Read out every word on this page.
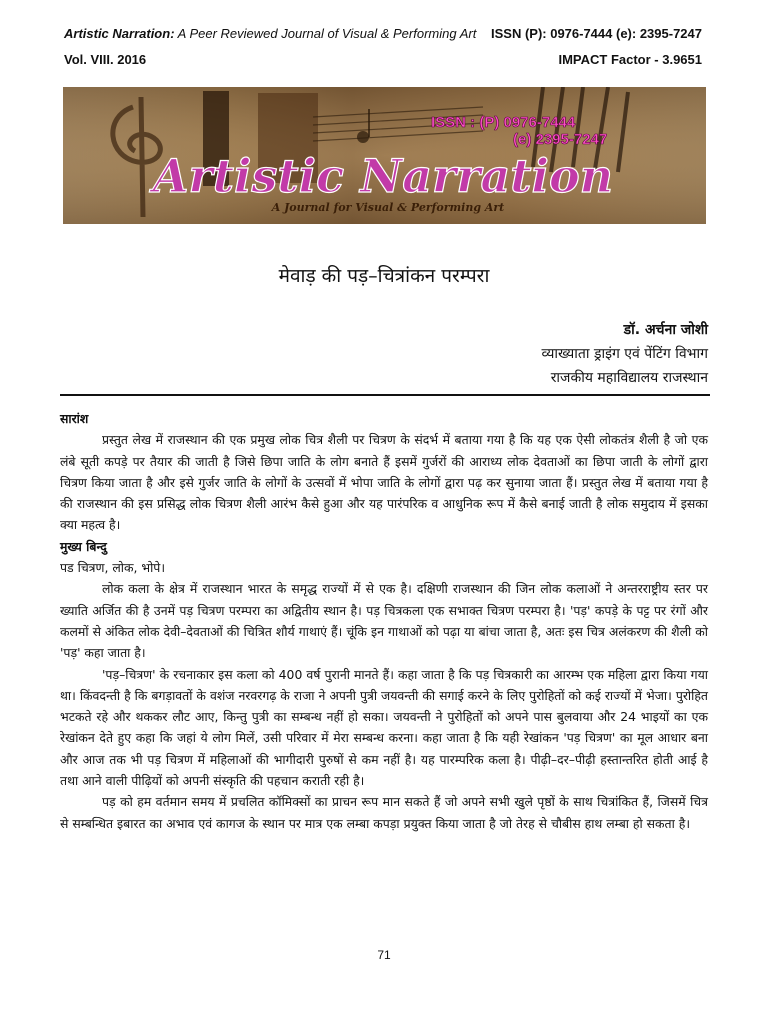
Artistic Narration: A Peer Reviewed Journal of Visual & Performing Art ISSN (P): 0976-7444 (e): 2395-7247
Vol. VIII. 2016	IMPACT Factor - 3.9651
ISSN : (P) 0976-7444
(e) 2395-7247
Artistic Narration
A Journal for Visual & Performing Art
मेवाड़ की पड़–चित्रांकन परम्परा
डॉ. अर्चना जोशी
व्याख्याता ड्राइंग एवं पेंटिंग विभाग
राजकीय महाविद्यालय राजस्थान

सारांश

प्रस्तुत लेख में राजस्थान की एक प्रमुख लोक चित्र शैली पर चित्रण के संदर्भ में बताया गया है कि यह एक ऐसी लोकतंत्र शैली है जो एक लंबे सूती कपड़े पर तैयार की जाती है जिसे छिपा जाति के लोग बनाते हैं इसमें गुर्जरों की आराध्य लोक देवताओं का छिपा जाती के लोगों द्वारा चित्रण किया जाता है और इसे गुर्जर जाति के लोगों के उत्सवों में भोपा जाति के लोगों द्वारा पढ़ कर सुनाया जाता हैं। प्रस्तुत लेख में बताया गया है की राजस्थान की इस प्रसिद्ध लोक चित्रण शैली आरंभ कैसे हुआ और यह पारंपरिक व आधुनिक रूप में कैसे बनाई जाती है लोक समुदाय में इसका क्या महत्व है।

मुख्य बिन्दु

पड चित्रण, लोक, भोपे।

लोक कला के क्षेत्र में राजस्थान भारत के समृद्ध राज्यों में से एक है। दक्षिणी राजस्थान की जिन लोक कलाओं ने अन्तरराष्ट्रीय स्तर पर ख्याति अर्जित की है उनमें पड़ चित्रण परम्परा का अद्वितीय स्थान है। पड़ चित्रकला एक सभाक्त चित्रण परम्परा है। 'पड़' कपड़े के पट्ट पर रंगों और कलमों से अंकित लोक देवी–देवताओं की चित्रित शौर्य गाथाएं हैं। चूंकि इन गाथाओं को पढ़ा या बांचा जाता है, अतः इस चित्र अलंकरण की शैली को 'पड़' कहा जाता है।

'पड़–चित्रण' के रचनाकार इस कला को 400 वर्ष पुरानी मानते हैं। कहा जाता है कि पड़ चित्रकारी का आरम्भ एक महिला द्वारा किया गया था। किंवदन्ती है कि बगड़ावतों के वशंज नरवरगढ़ के राजा ने अपनी पुत्री जयवन्ती की सगाई करने के लिए पुरोहितों को कई राज्यों में भेजा। पुरोहित भटकते रहे और थककर लौट आए, किन्तु पुत्री का सम्बन्ध नहीं हो सका। जयवन्ती ने पुरोहितों को अपने पास बुलवाया और 24 भाइयों का एक रेखांकन देते हुए कहा कि जहां ये लोग मिलें, उसी परिवार में मेरा सम्बन्ध करना। कहा जाता है कि यही रेखांकन 'पड़ चित्रण' का मूल आधार बना और आज तक भी पड़ चित्रण में महिलाओं की भागीदारी पुरुषों से कम नहीं है। यह पारम्परिक कला है। पीढ़ी–दर–पीढ़ी हस्तान्तरित होती आई है तथा आने वाली पीढ़ियों को अपनी संस्कृति की पहचान कराती रही है।

पड़ को हम वर्तमान समय में प्रचलित कॉमिक्सों का प्राचन रूप मान सकते हैं जो अपने सभी खुले पृष्ठों के साथ चित्रांकित हैं, जिसमें चित्र से सम्बन्धित इबारत का अभाव एवं कागज के स्थान पर मात्र एक लम्बा कपड़ा प्रयुक्त किया जाता है जो तेरह से चौबीस हाथ लम्बा हो सकता है।

71
